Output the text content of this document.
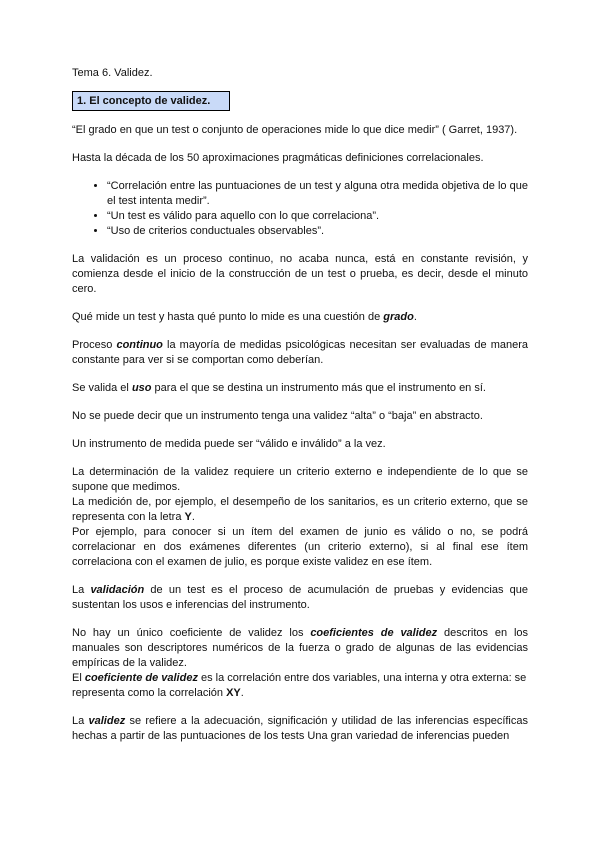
Tema 6. Validez.

1. El concepto de validez.

“El grado en que un test o conjunto de operaciones mide lo que dice medir” ( Garret, 1937).

Hasta la década de los 50 aproximaciones pragmáticas definiciones correlacionales.

• “Correlación entre las puntuaciones de un test y alguna otra medida objetiva de lo que el test intenta medir”.
• “Un test es válido para aquello con lo que correlaciona”.
• “Uso de criterios conductuales observables”.

La validación es un proceso continuo, no acaba nunca, está en constante revisión, y comienza desde el inicio de la construcción de un test o prueba, es decir, desde el minuto cero.

Qué mide un test y hasta qué punto lo mide es una cuestión de grado.

Proceso continuo la mayoría de medidas psicológicas necesitan ser evaluadas de manera constante para ver si se comportan como deberían.

Se valida el uso para el que se destina un instrumento más que el instrumento en sí.

No se puede decir que un instrumento tenga una validez “alta” o “baja” en abstracto.

Un instrumento de medida puede ser “válido e inválido” a la vez.

La determinación de la validez requiere un criterio externo e independiente de lo que se supone que medimos.

La medición de, por ejemplo, el desempeño de los sanitarios, es un criterio externo, que se representa con la letra Y.

Por ejemplo, para conocer si un ítem del examen de junio es válido o no, se podrá correlacionar en dos exámenes diferentes (un criterio externo), si al final ese ítem correlaciona con el examen de julio, es porque existe validez en ese ítem.

La validación de un test es el proceso de acumulación de pruebas y evidencias que sustentan los usos e inferencias del instrumento.

No hay un único coeficiente de validez los coeficientes de validez descritos en los manuales son descriptores numéricos de la fuerza o grado de algunas de las evidencias empíricas de la validez.

El coeficiente de validez es la correlación entre dos variables, una interna y otra externa: se representa como la correlación XY.

La validez se refiere a la adecuación, significación y utilidad de las inferencias específicas hechas a partir de las puntuaciones de los tests Una gran variedad de inferencias pueden
